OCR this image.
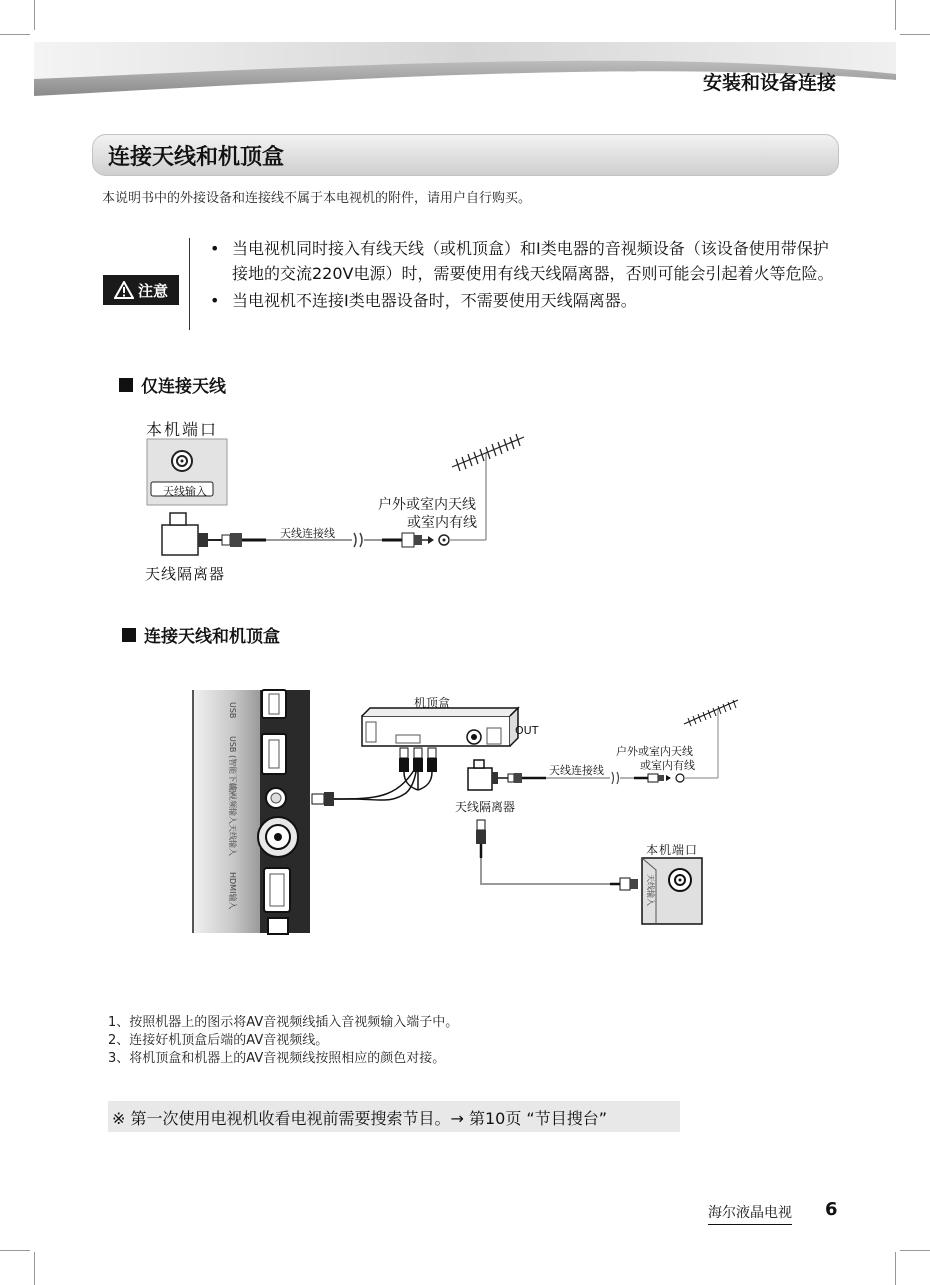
安装和设备连接
连接天线和机顶盒
本说明书中的外接设备和连接线不属于本电视机的附件，请用户自行购买。
注意
• 当电视机同时接入有线天线（或机顶盒）和I类电器的音视频设备（该设备使用带保护接地的交流220V电源）时，需要使用有线天线隔离器，否则可能会引起着火等危险。
• 当电视机不连接I类电器设备时，不需要使用天线隔离器。
仅连接天线
本机端口
天线输入
天线连接线
户外或室内天线
或室内有线
天线隔离器
连接天线和机顶盒
USB
USB (智能下载)
音视频输入
天线输入
HDMI输入	天线输入
机顶盒
OUT
天线连接线
户外或室内天线
或室内有线
天线隔离器
本机端口
1、按照机器上的图示将AV音视频线插入音视频输入端子中。
2、连接好机顶盒后端的AV音视频线。
3、将机顶盒和机器上的AV音视频线按照相应的颜色对接。
※ 第一次使用电视机收看电视前需要搜索节目。→ 第10页 “节目搜台”
海尔液晶电视 6
